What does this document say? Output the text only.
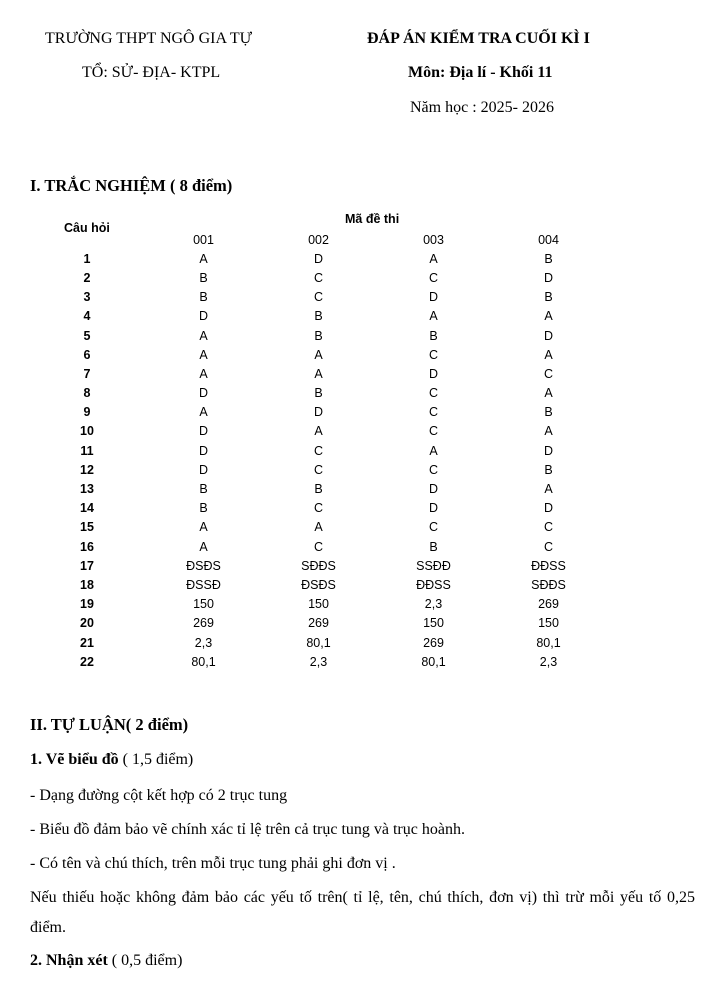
TRƯỜNG THPT NGÔ GIA TỰ
TỔ: SỬ- ĐỊA- KTPL
ĐÁP ÁN KIỂM TRA CUỐI KÌ I
Môn: Địa lí - Khối 11
Năm học : 2025- 2026
I. TRẮC NGHIỆM ( 8 điểm)
Câu hỏi
Mã đề thi
	001	002	003	004
1	A	D	A	B
2	B	C	C	D
3	B	C	D	B
4	D	B	A	A
5	A	B	B	D
6	A	A	C	A
7	A	A	D	C
8	D	B	C	A
9	A	D	C	B
10	D	A	C	A
11	D	C	A	D
12	D	C	C	B
13	B	B	D	A
14	B	C	D	D
15	A	A	C	C
16	A	C	B	C
17	ĐSĐS	SĐĐS	SSĐĐ	ĐĐSS
18	ĐSSĐ	ĐSĐS	ĐĐSS	SĐĐS
19	150	150	2,3	269
20	269	269	150	150
21	2,3	80,1	269	80,1
22	80,1	2,3	80,1	2,3
II. TỰ LUẬN( 2 điểm)
1. Vẽ biểu đồ ( 1,5 điểm)
- Dạng đường cột kết hợp có 2 trục tung
- Biểu đồ đảm bảo vẽ chính xác tỉ lệ trên cả trục tung và trục hoành.
- Có tên và chú thích, trên mỗi trục tung phải ghi đơn vị .
Nếu thiếu hoặc không đảm bảo các yếu tố trên( tỉ lệ, tên, chú thích, đơn vị) thì trừ mỗi yếu tố 0,25 điểm.
2. Nhận xét ( 0,5 điểm)
